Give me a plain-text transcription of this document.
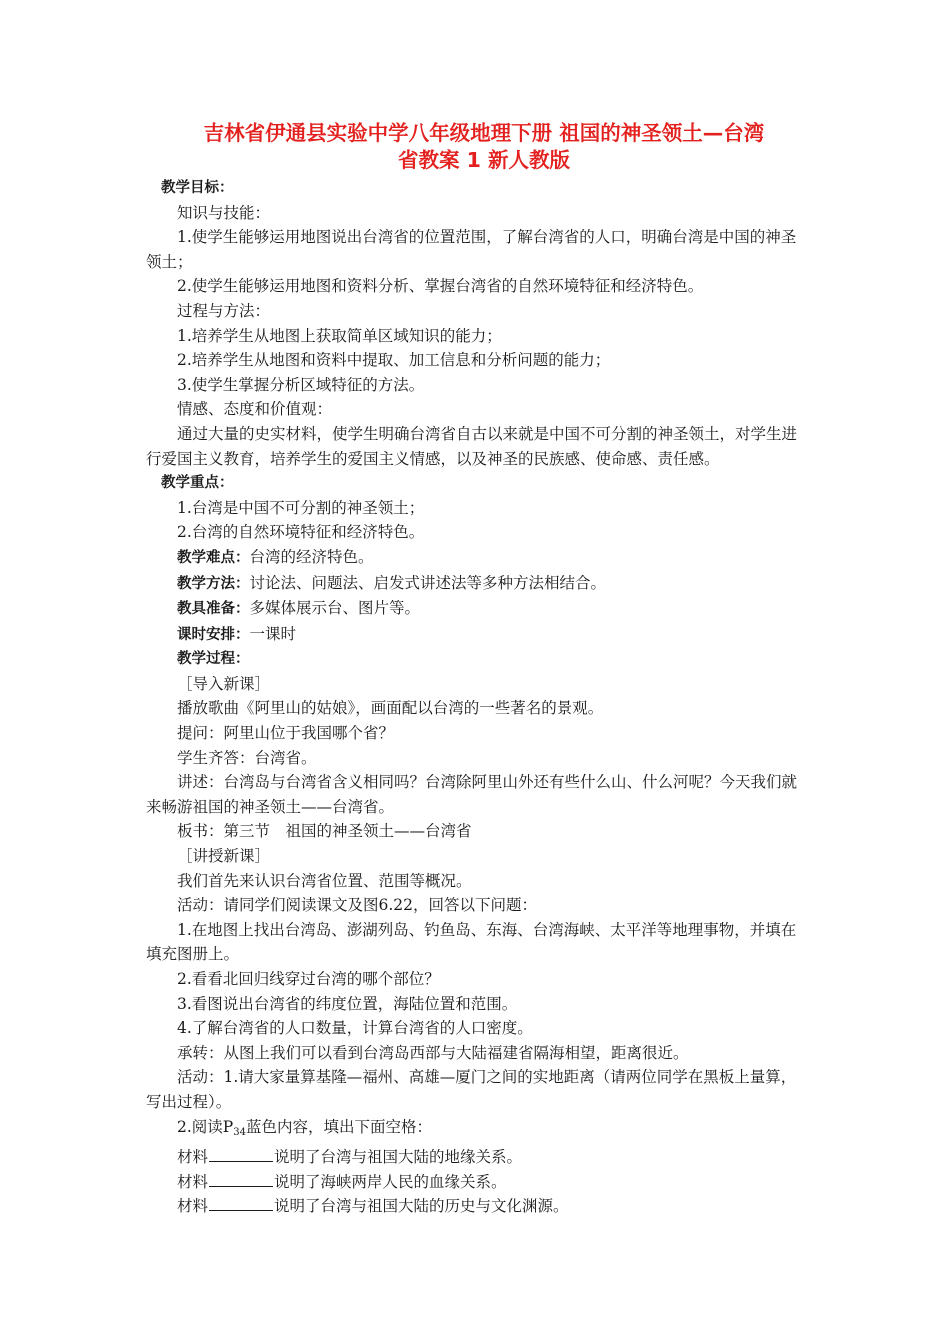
吉林省伊通县实验中学八年级地理下册 祖国的神圣领土—台湾
省教案 1 新人教版

教学目标：

知识与技能：

1.使学生能够运用地图说出台湾省的位置范围，了解台湾省的人口，明确台湾是中国的神圣领土；

2.使学生能够运用地图和资料分析、掌握台湾省的自然环境特征和经济特色。

过程与方法：

1.培养学生从地图上获取简单区域知识的能力；

2.培养学生从地图和资料中提取、加工信息和分析问题的能力；

3.使学生掌握分析区域特征的方法。

情感、态度和价值观：

通过大量的史实材料，使学生明确台湾省自古以来就是中国不可分割的神圣领土，对学生进行爱国主义教育，培养学生的爱国主义情感，以及神圣的民族感、使命感、责任感。

教学重点：

1.台湾是中国不可分割的神圣领土；

2.台湾的自然环境特征和经济特色。

教学难点：台湾的经济特色。

教学方法：讨论法、问题法、启发式讲述法等多种方法相结合。

教具准备：多媒体展示台、图片等。

课时安排：一课时

教学过程：

［导入新课］

播放歌曲《阿里山的姑娘》，画面配以台湾的一些著名的景观。

提问：阿里山位于我国哪个省？

学生齐答：台湾省。

讲述：台湾岛与台湾省含义相同吗？台湾除阿里山外还有些什么山、什么河呢？今天我们就来畅游祖国的神圣领土——台湾省。

板书：第三节　祖国的神圣领土——台湾省

［讲授新课］

我们首先来认识台湾省位置、范围等概况。

活动：请同学们阅读课文及图6.22，回答以下问题：

1.在地图上找出台湾岛、澎湖列岛、钓鱼岛、东海、台湾海峡、太平洋等地理事物，并填在填充图册上。

2.看看北回归线穿过台湾的哪个部位？

3.看图说出台湾省的纬度位置，海陆位置和范围。

4.了解台湾省的人口数量，计算台湾省的人口密度。

承转：从图上我们可以看到台湾岛西部与大陆福建省隔海相望，距离很近。

活动：1.请大家量算基隆—福州、高雄—厦门之间的实地距离（请两位同学在黑板上量算，写出过程）。

2.阅读$P_{34}$蓝色内容，填出下面空格：

材料	说明了台湾与祖国大陆的地缘关系。

材料	说明了海峡两岸人民的血缘关系。

材料	说明了台湾与祖国大陆的历史与文化渊源。
